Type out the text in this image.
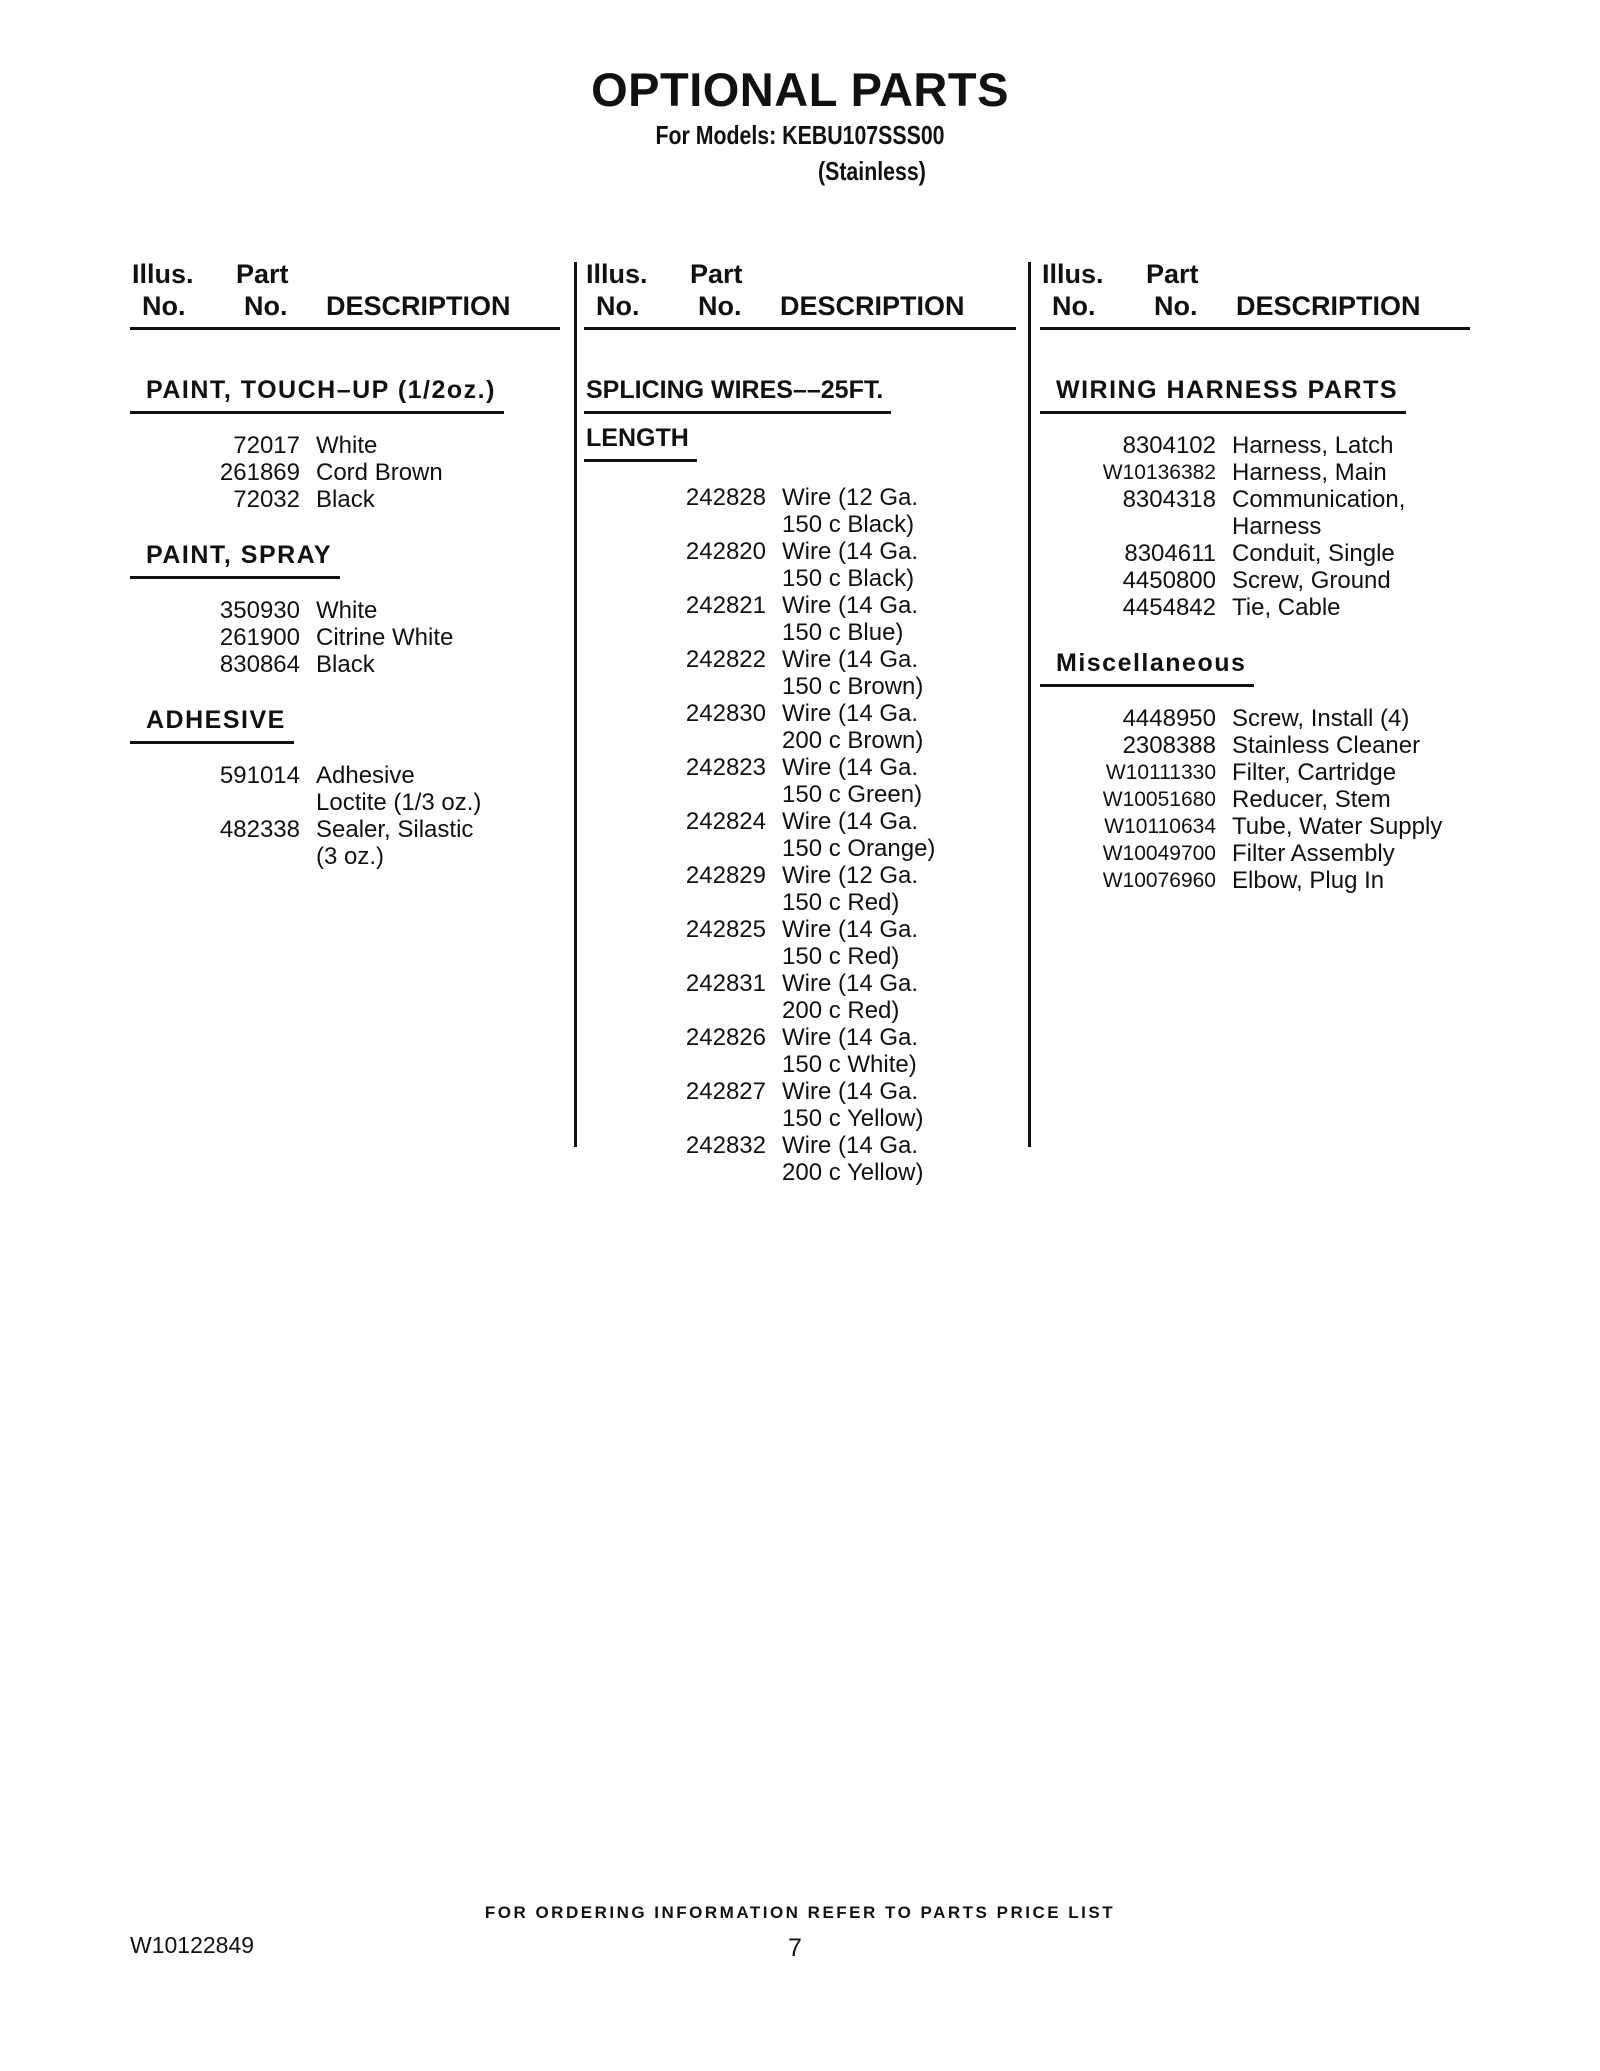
OPTIONAL PARTS
For Models: KEBU107SSS00
(Stainless)
Illus. Part
No. No. DESCRIPTION
PAINT, TOUCH–UP (1/2oz.)
72017 White
261869 Cord Brown
72032 Black
PAINT, SPRAY
350930 White
261900 Citrine White
830864 Black
ADHESIVE
591014 Adhesive
Loctite (1/3 oz.)
482338 Sealer, Silastic
(3 oz.)
Illus. Part
No. No. DESCRIPTION
SPLICING WIRES––25FT.
LENGTH
242828 Wire (12 Ga.
150 c Black)
242820 Wire (14 Ga.
150 c Black)
242821 Wire (14 Ga.
150 c Blue)
242822 Wire (14 Ga.
150 c Brown)
242830 Wire (14 Ga.
200 c Brown)
242823 Wire (14 Ga.
150 c Green)
242824 Wire (14 Ga.
150 c Orange)
242829 Wire (12 Ga.
150 c Red)
242825 Wire (14 Ga.
150 c Red)
242831 Wire (14 Ga.
200 c Red)
242826 Wire (14 Ga.
150 c White)
242827 Wire (14 Ga.
150 c Yellow)
242832 Wire (14 Ga.
200 c Yellow)
Illus. Part
No. No. DESCRIPTION
WIRING HARNESS PARTS
8304102 Harness, Latch
W10136382 Harness, Main
8304318 Communication,
Harness
8304611 Conduit, Single
4450800 Screw, Ground
4454842 Tie, Cable
Miscellaneous
4448950 Screw, Install (4)
2308388 Stainless Cleaner
W10111330 Filter, Cartridge
W10051680 Reducer, Stem
W10110634 Tube, Water Supply
W10049700 Filter Assembly
W10076960 Elbow, Plug In
FOR ORDERING INFORMATION REFER TO PARTS PRICE LIST
W10122849	7
